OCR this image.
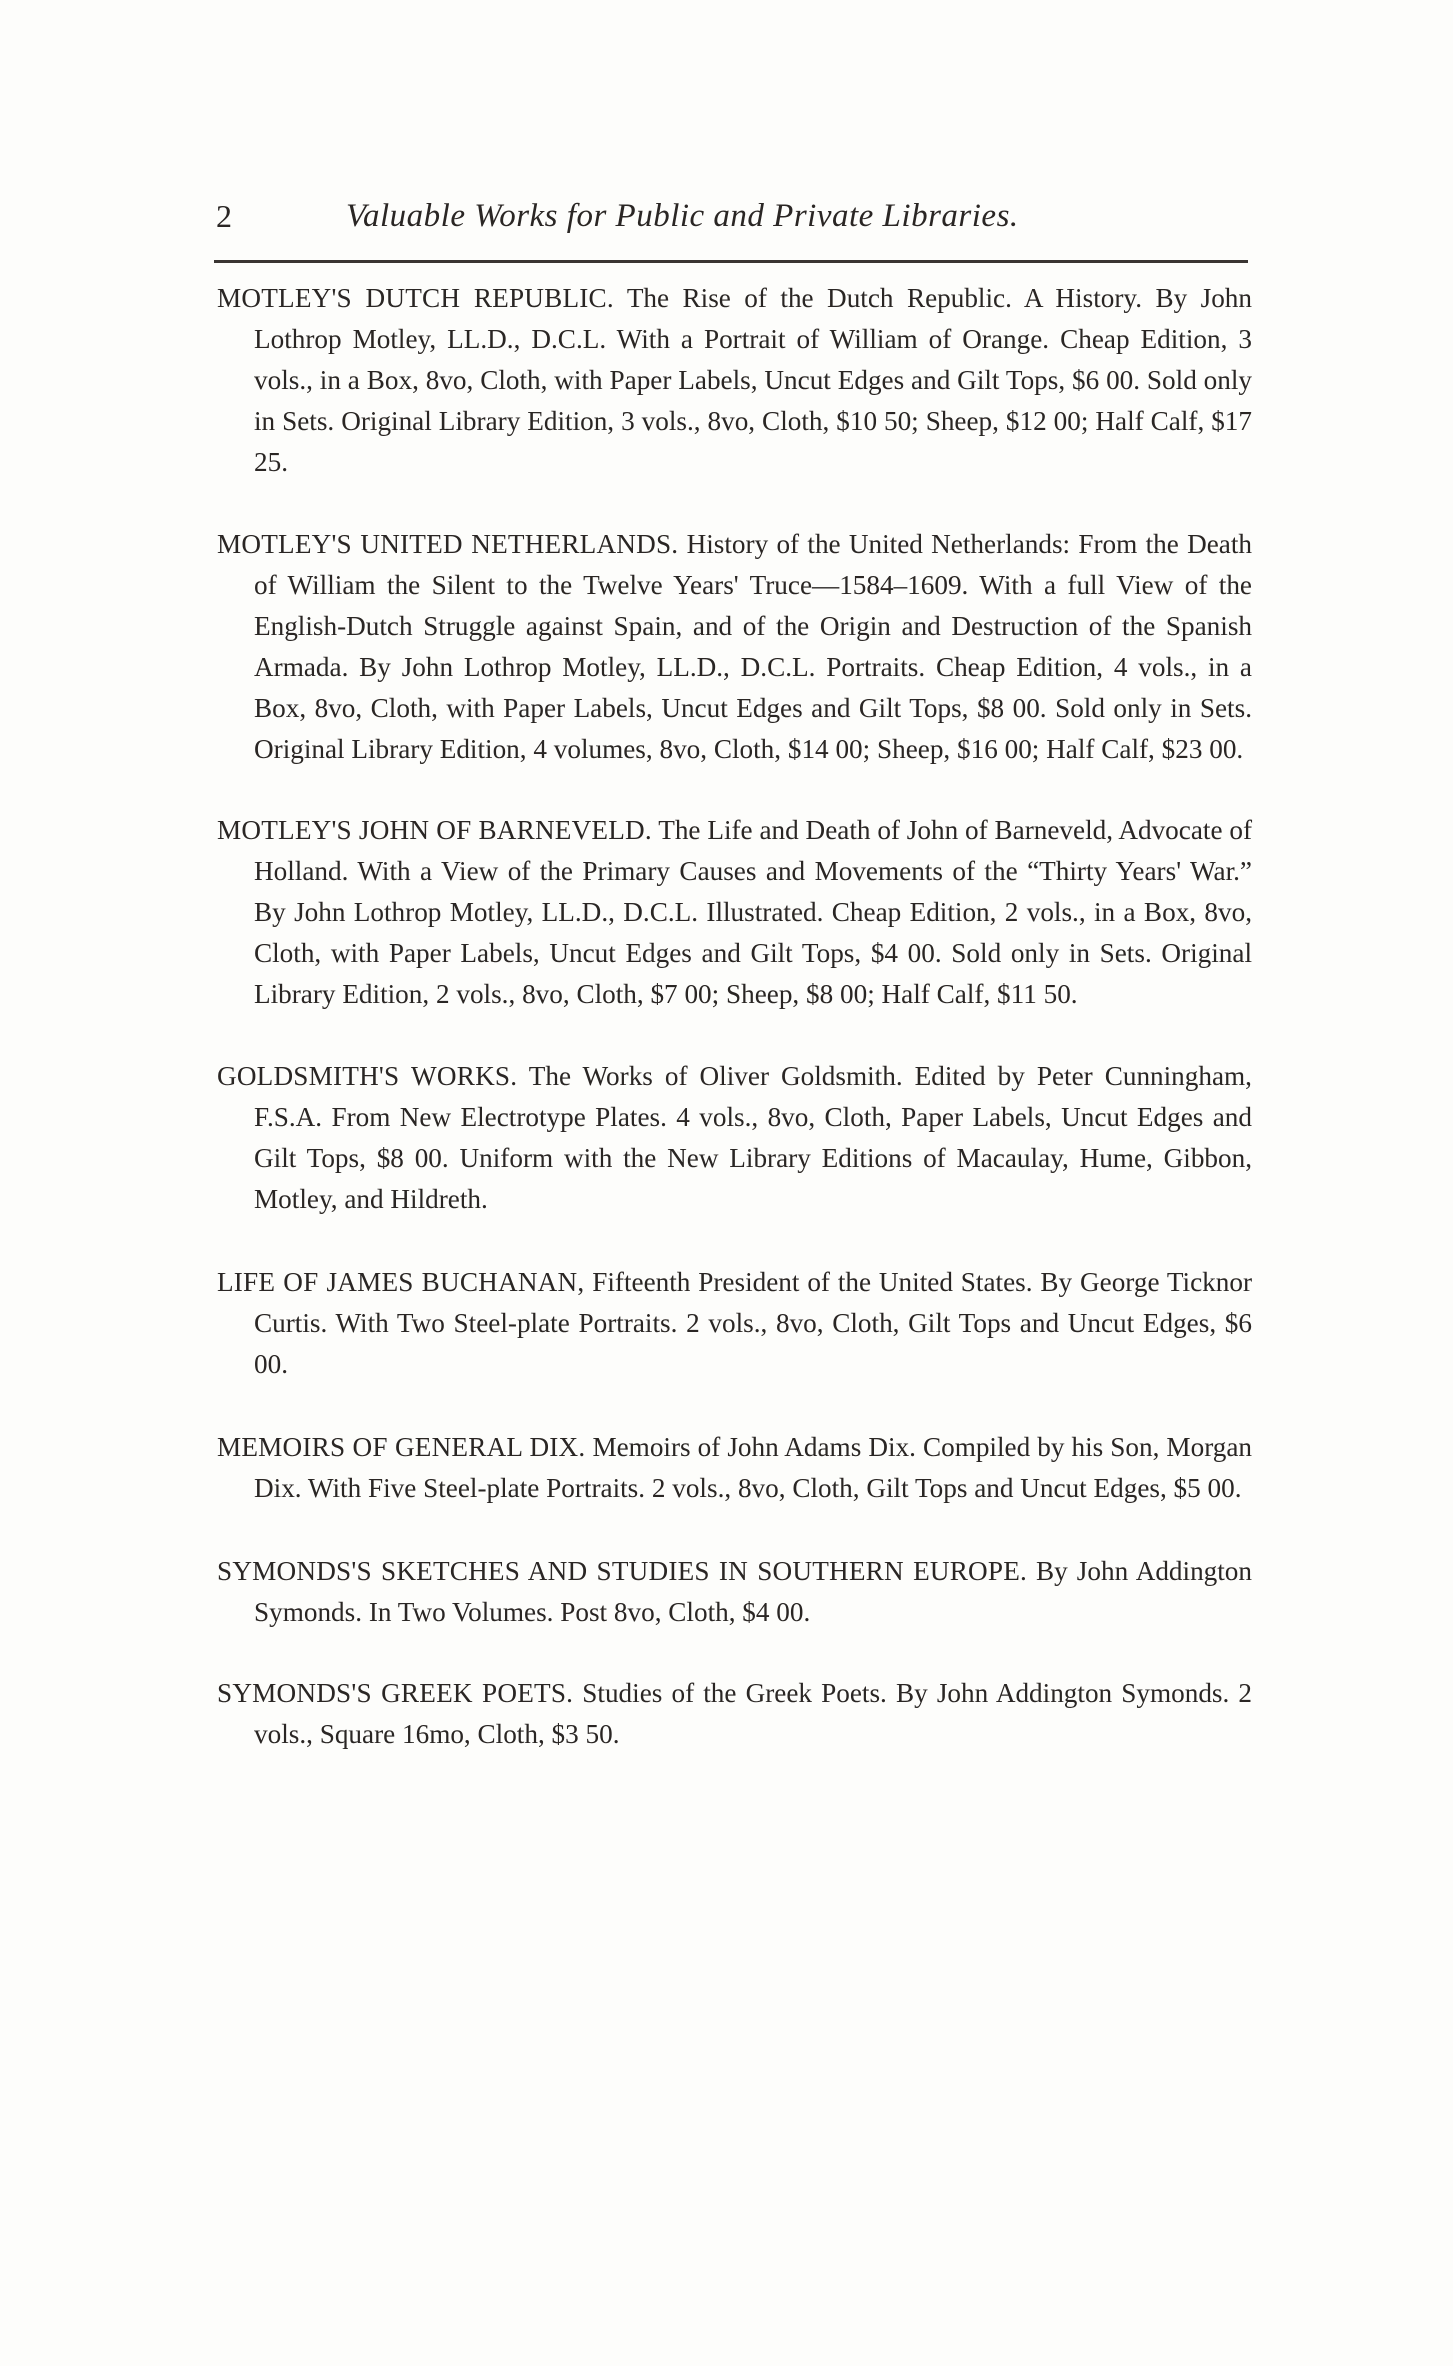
2	Valuable Works for Public and Private Libraries.

MOTLEY'S DUTCH REPUBLIC. The Rise of the Dutch Republic. A History. By John Lothrop Motley, LL.D., D.C.L. With a Portrait of William of Orange. Cheap Edition, 3 vols., in a Box, 8vo, Cloth, with Paper Labels, Uncut Edges and Gilt Tops, $6 00. Sold only in Sets. Original Library Edition, 3 vols., 8vo, Cloth, $10 50; Sheep, $12 00; Half Calf, $17 25.

MOTLEY'S UNITED NETHERLANDS. History of the United Netherlands: From the Death of William the Silent to the Twelve Years' Truce—1584–1609. With a full View of the English-Dutch Struggle against Spain, and of the Origin and Destruction of the Spanish Armada. By John Lothrop Motley, LL.D., D.C.L. Portraits. Cheap Edition, 4 vols., in a Box, 8vo, Cloth, with Paper Labels, Uncut Edges and Gilt Tops, $8 00. Sold only in Sets. Original Library Edition, 4 volumes, 8vo, Cloth, $14 00; Sheep, $16 00; Half Calf, $23 00.

MOTLEY'S JOHN OF BARNEVELD. The Life and Death of John of Barneveld, Advocate of Holland. With a View of the Primary Causes and Movements of the “Thirty Years' War.” By John Lothrop Motley, LL.D., D.C.L. Illustrated. Cheap Edition, 2 vols., in a Box, 8vo, Cloth, with Paper Labels, Uncut Edges and Gilt Tops, $4 00. Sold only in Sets. Original Library Edition, 2 vols., 8vo, Cloth, $7 00; Sheep, $8 00; Half Calf, $11 50.

GOLDSMITH'S WORKS. The Works of Oliver Goldsmith. Edited by Peter Cunningham, F.S.A. From New Electrotype Plates. 4 vols., 8vo, Cloth, Paper Labels, Uncut Edges and Gilt Tops, $8 00. Uniform with the New Library Editions of Macaulay, Hume, Gibbon, Motley, and Hildreth.

LIFE OF JAMES BUCHANAN, Fifteenth President of the United States. By George Ticknor Curtis. With Two Steel-plate Portraits. 2 vols., 8vo, Cloth, Gilt Tops and Uncut Edges, $6 00.

MEMOIRS OF GENERAL DIX. Memoirs of John Adams Dix. Compiled by his Son, Morgan Dix. With Five Steel-plate Portraits. 2 vols., 8vo, Cloth, Gilt Tops and Uncut Edges, $5 00.

SYMONDS'S SKETCHES AND STUDIES IN SOUTHERN EUROPE. By John Addington Symonds. In Two Volumes. Post 8vo, Cloth, $4 00.

SYMONDS'S GREEK POETS. Studies of the Greek Poets. By John Addington Symonds. 2 vols., Square 16mo, Cloth, $3 50.
